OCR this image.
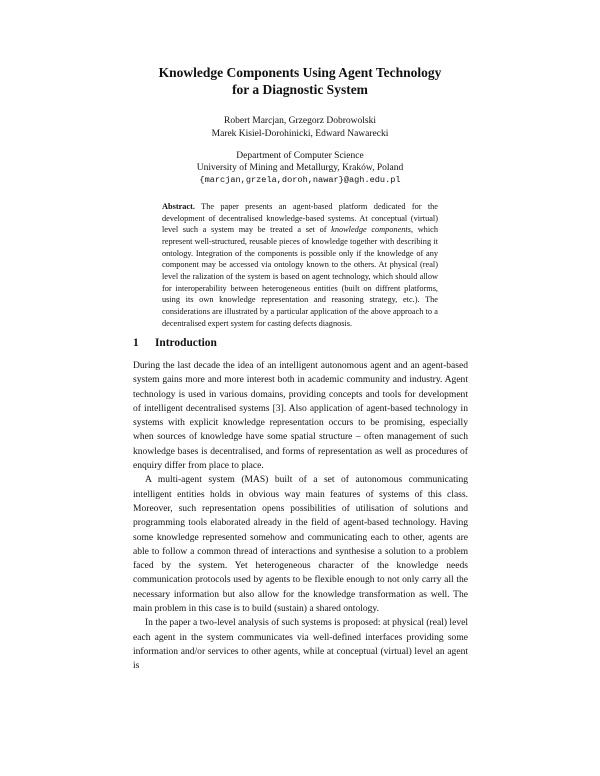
Knowledge Components Using Agent Technology
for a Diagnostic System
Robert Marcjan, Grzegorz Dobrowolski
Marek Kisiel-Dorohinicki, Edward Nawarecki
Department of Computer Science
University of Mining and Metallurgy, Kraków, Poland
{marcjan,grzela,doroh,nawar}@agh.edu.pl
Abstract. The paper presents an agent-based platform dedicated for the development of decentralised knowledge-based systems. At conceptual (virtual) level such a system may be treated a set of knowledge components, which represent well-structured, reusable pieces of knowledge together with describing it ontology. Integration of the components is possible only if the knowledge of any component may be accessed via ontology known to the others. At physical (real) level the ralization of the system is based on agent technology, which should allow for interoperability between heterogeneous entities (built on diffrent platforms, using its own knowledge representation and reasoning strategy, etc.). The considerations are illustrated by a particular application of the above approach to a decentralised expert system for casting defects diagnosis.
1 Introduction

During the last decade the idea of an intelligent autonomous agent and an agent-based system gains more and more interest both in academic community and industry. Agent technology is used in various domains, providing concepts and tools for development of intelligent decentralised systems [3]. Also application of agent-based technology in systems with explicit knowledge representation occurs to be promising, especially when sources of knowledge have some spatial structure – often management of such knowledge bases is decentralised, and forms of representation as well as procedures of enquiry differ from place to place.

A multi-agent system (MAS) built of a set of autonomous communicating intelligent entities holds in obvious way main features of systems of this class. Moreover, such representation opens possibilities of utilisation of solutions and programming tools elaborated already in the field of agent-based technology. Having some knowledge represented somehow and communicating each to other, agents are able to follow a common thread of interactions and synthesise a solution to a problem faced by the system. Yet heterogeneous character of the knowledge needs communication protocols used by agents to be flexible enough to not only carry all the necessary information but also allow for the knowledge transformation as well. The main problem in this case is to build (sustain) a shared ontology.

In the paper a two-level analysis of such systems is proposed: at physical (real) level each agent in the system communicates via well-defined interfaces providing some information and/or services to other agents, while at conceptual (virtual) level an agent is
